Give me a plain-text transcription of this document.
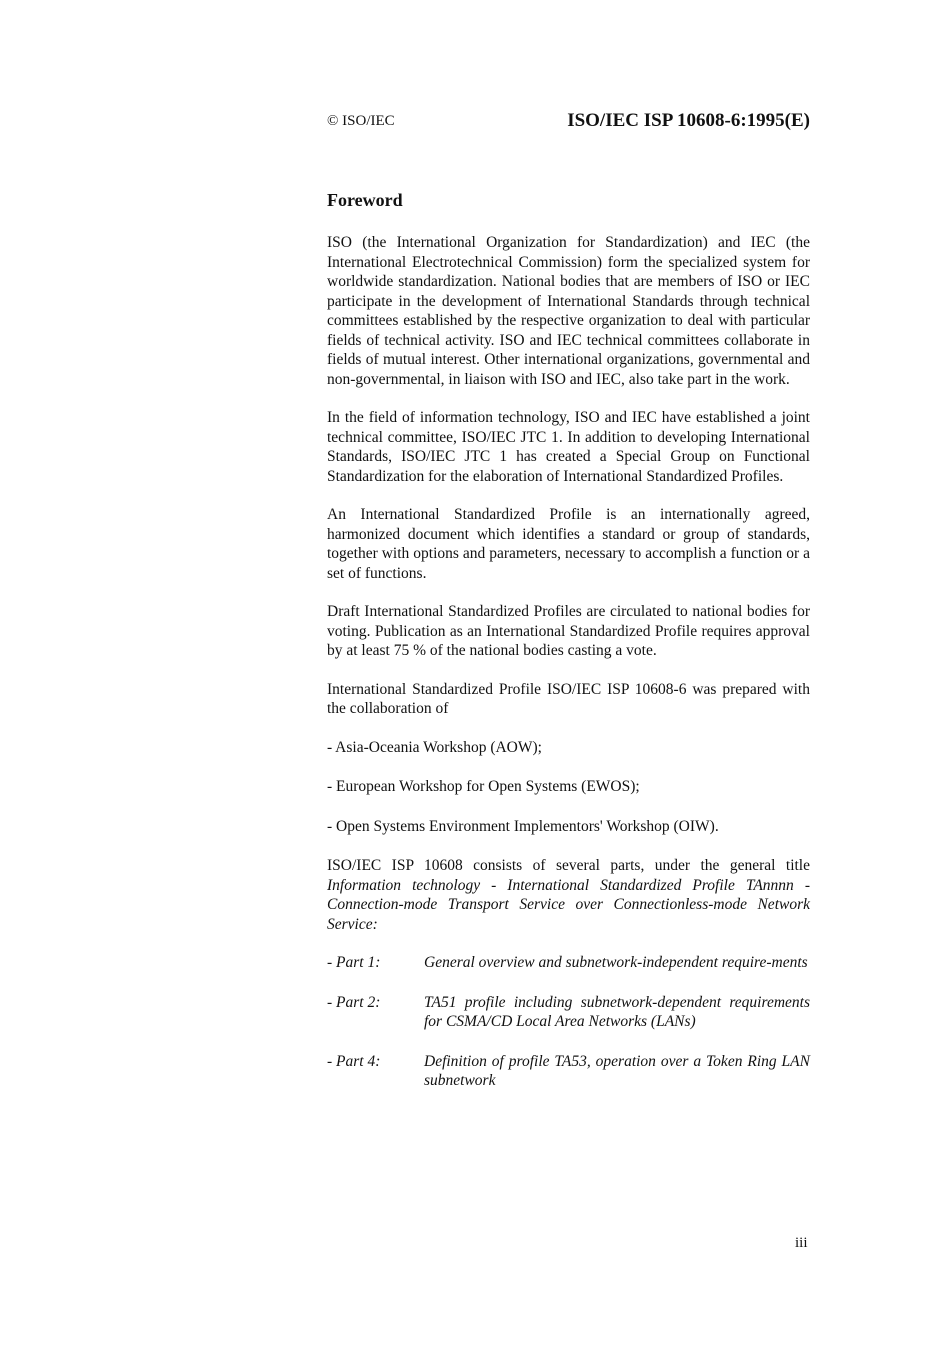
© ISO/IEC	ISO/IEC ISP 10608-6:1995(E)
Foreword

ISO (the International Organization for Standardization) and IEC (the International Electrotechnical Commission) form the specialized system for worldwide standardization. National bodies that are members of ISO or IEC participate in the development of International Standards through technical committees established by the respective organization to deal with particular fields of technical activity. ISO and IEC technical committees collaborate in fields of mutual interest. Other international organizations, governmental and non-governmental, in liaison with ISO and IEC, also take part in the work.

In the field of information technology, ISO and IEC have established a joint technical committee, ISO/IEC JTC 1. In addition to developing International Standards, ISO/IEC JTC 1 has created a Special Group on Functional Standardization for the elaboration of International Standardized Profiles.

An International Standardized Profile is an internationally agreed, harmonized document which identifies a standard or group of standards, together with options and parameters, necessary to accomplish a function or a set of functions.

Draft International Standardized Profiles are circulated to national bodies for voting. Publication as an International Standardized Profile requires approval by at least 75 % of the national bodies casting a vote.

International Standardized Profile ISO/IEC ISP 10608-6 was prepared with the collaboration of

- Asia-Oceania Workshop (AOW);
- European Workshop for Open Systems (EWOS);
- Open Systems Environment Implementors' Workshop (OIW).

ISO/IEC ISP 10608 consists of several parts, under the general title Information technology - International Standardized Profile TAnnnn - Connection-mode Transport Service over Connectionless-mode Network Service:

- Part 1:	General overview and subnetwork-independent require-ments
- Part 2:	TA51 profile including subnetwork-dependent requirements for CSMA/CD Local Area Networks (LANs)
- Part 4:	Definition of profile TA53, operation over a Token Ring LAN subnetwork
iii
